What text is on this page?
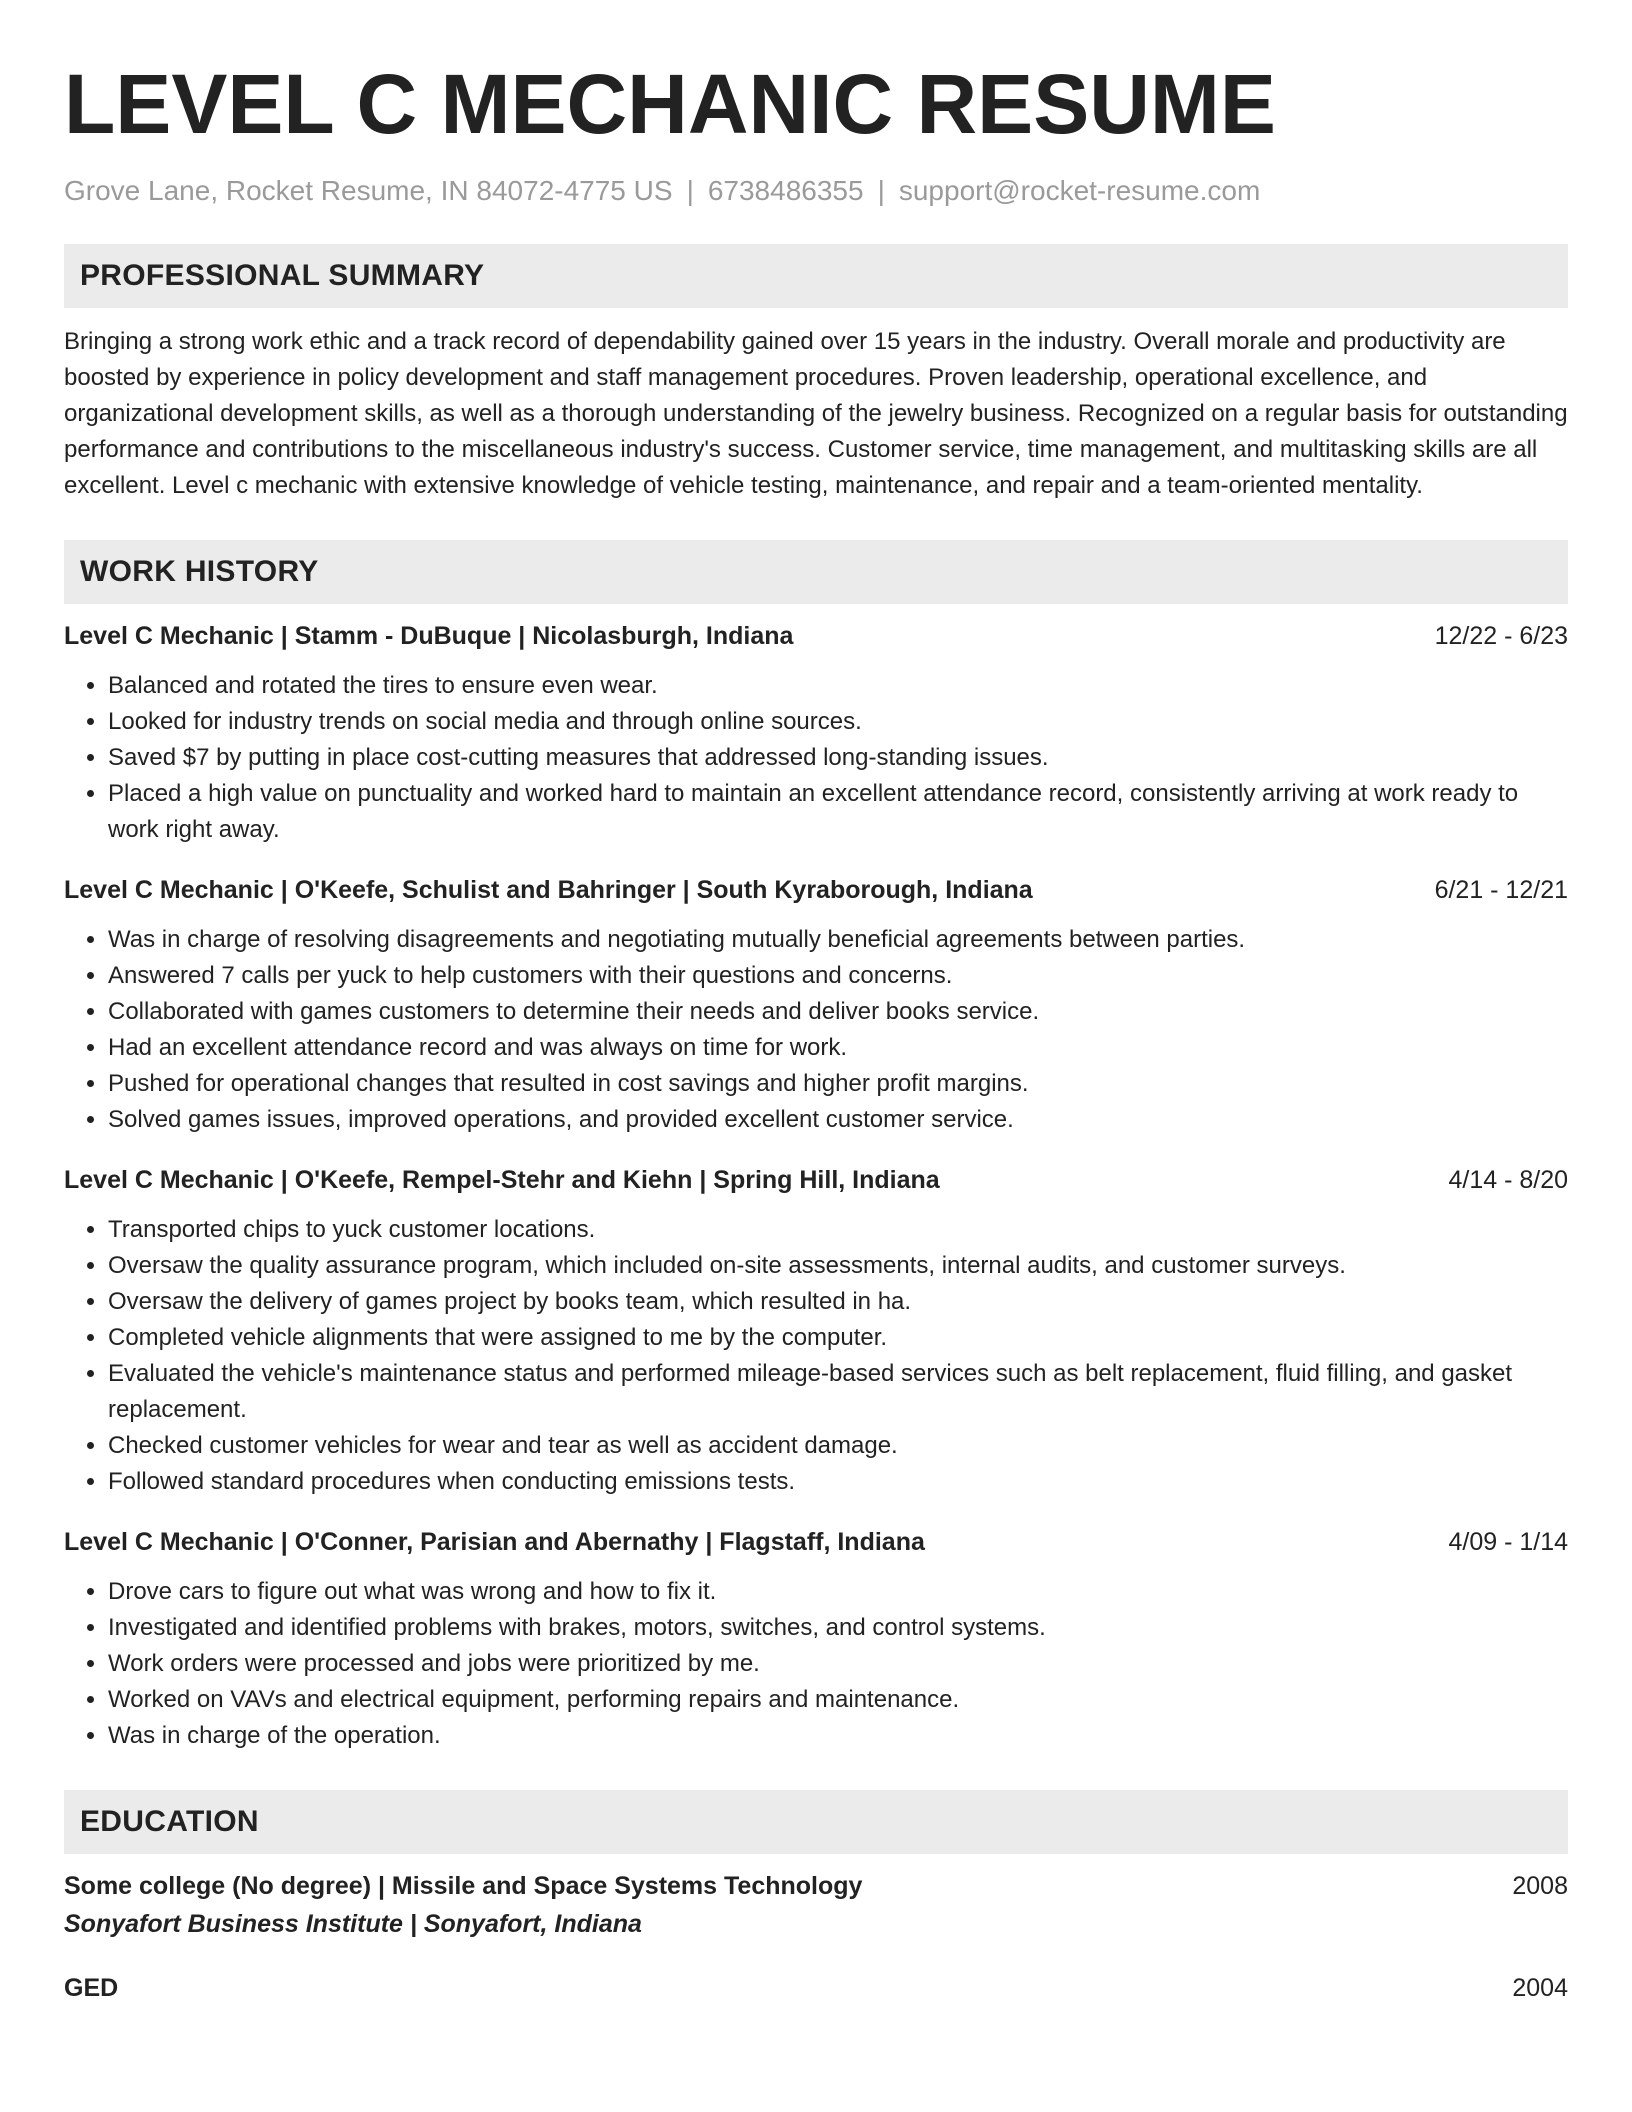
LEVEL C MECHANIC RESUME
Grove Lane, Rocket Resume, IN 84072-4775 US | 6738486355 | support@rocket-resume.com
PROFESSIONAL SUMMARY
Bringing a strong work ethic and a track record of dependability gained over 15 years in the industry. Overall morale and productivity are boosted by experience in policy development and staff management procedures. Proven leadership, operational excellence, and organizational development skills, as well as a thorough understanding of the jewelry business. Recognized on a regular basis for outstanding performance and contributions to the miscellaneous industry's success. Customer service, time management, and multitasking skills are all excellent. Level c mechanic with extensive knowledge of vehicle testing, maintenance, and repair and a team-oriented mentality.
WORK HISTORY
Level C Mechanic | Stamm - DuBuque | Nicolasburgh, Indiana	12/22 - 6/23
• Balanced and rotated the tires to ensure even wear.
• Looked for industry trends on social media and through online sources.
• Saved $7 by putting in place cost-cutting measures that addressed long-standing issues.
• Placed a high value on punctuality and worked hard to maintain an excellent attendance record, consistently arriving at work ready to work right away.
Level C Mechanic | O'Keefe, Schulist and Bahringer | South Kyraborough, Indiana	6/21 - 12/21
• Was in charge of resolving disagreements and negotiating mutually beneficial agreements between parties.
• Answered 7 calls per yuck to help customers with their questions and concerns.
• Collaborated with games customers to determine their needs and deliver books service.
• Had an excellent attendance record and was always on time for work.
• Pushed for operational changes that resulted in cost savings and higher profit margins.
• Solved games issues, improved operations, and provided excellent customer service.
Level C Mechanic | O'Keefe, Rempel-Stehr and Kiehn | Spring Hill, Indiana	4/14 - 8/20
• Transported chips to yuck customer locations.
• Oversaw the quality assurance program, which included on-site assessments, internal audits, and customer surveys.
• Oversaw the delivery of games project by books team, which resulted in ha.
• Completed vehicle alignments that were assigned to me by the computer.
• Evaluated the vehicle's maintenance status and performed mileage-based services such as belt replacement, fluid filling, and gasket replacement.
• Checked customer vehicles for wear and tear as well as accident damage.
• Followed standard procedures when conducting emissions tests.
Level C Mechanic | O'Conner, Parisian and Abernathy | Flagstaff, Indiana	4/09 - 1/14
• Drove cars to figure out what was wrong and how to fix it.
• Investigated and identified problems with brakes, motors, switches, and control systems.
• Work orders were processed and jobs were prioritized by me.
• Worked on VAVs and electrical equipment, performing repairs and maintenance.
• Was in charge of the operation.
EDUCATION
Some college (No degree) | Missile and Space Systems Technology	2008
Sonyafort Business Institute | Sonyafort, Indiana
GED	2004
